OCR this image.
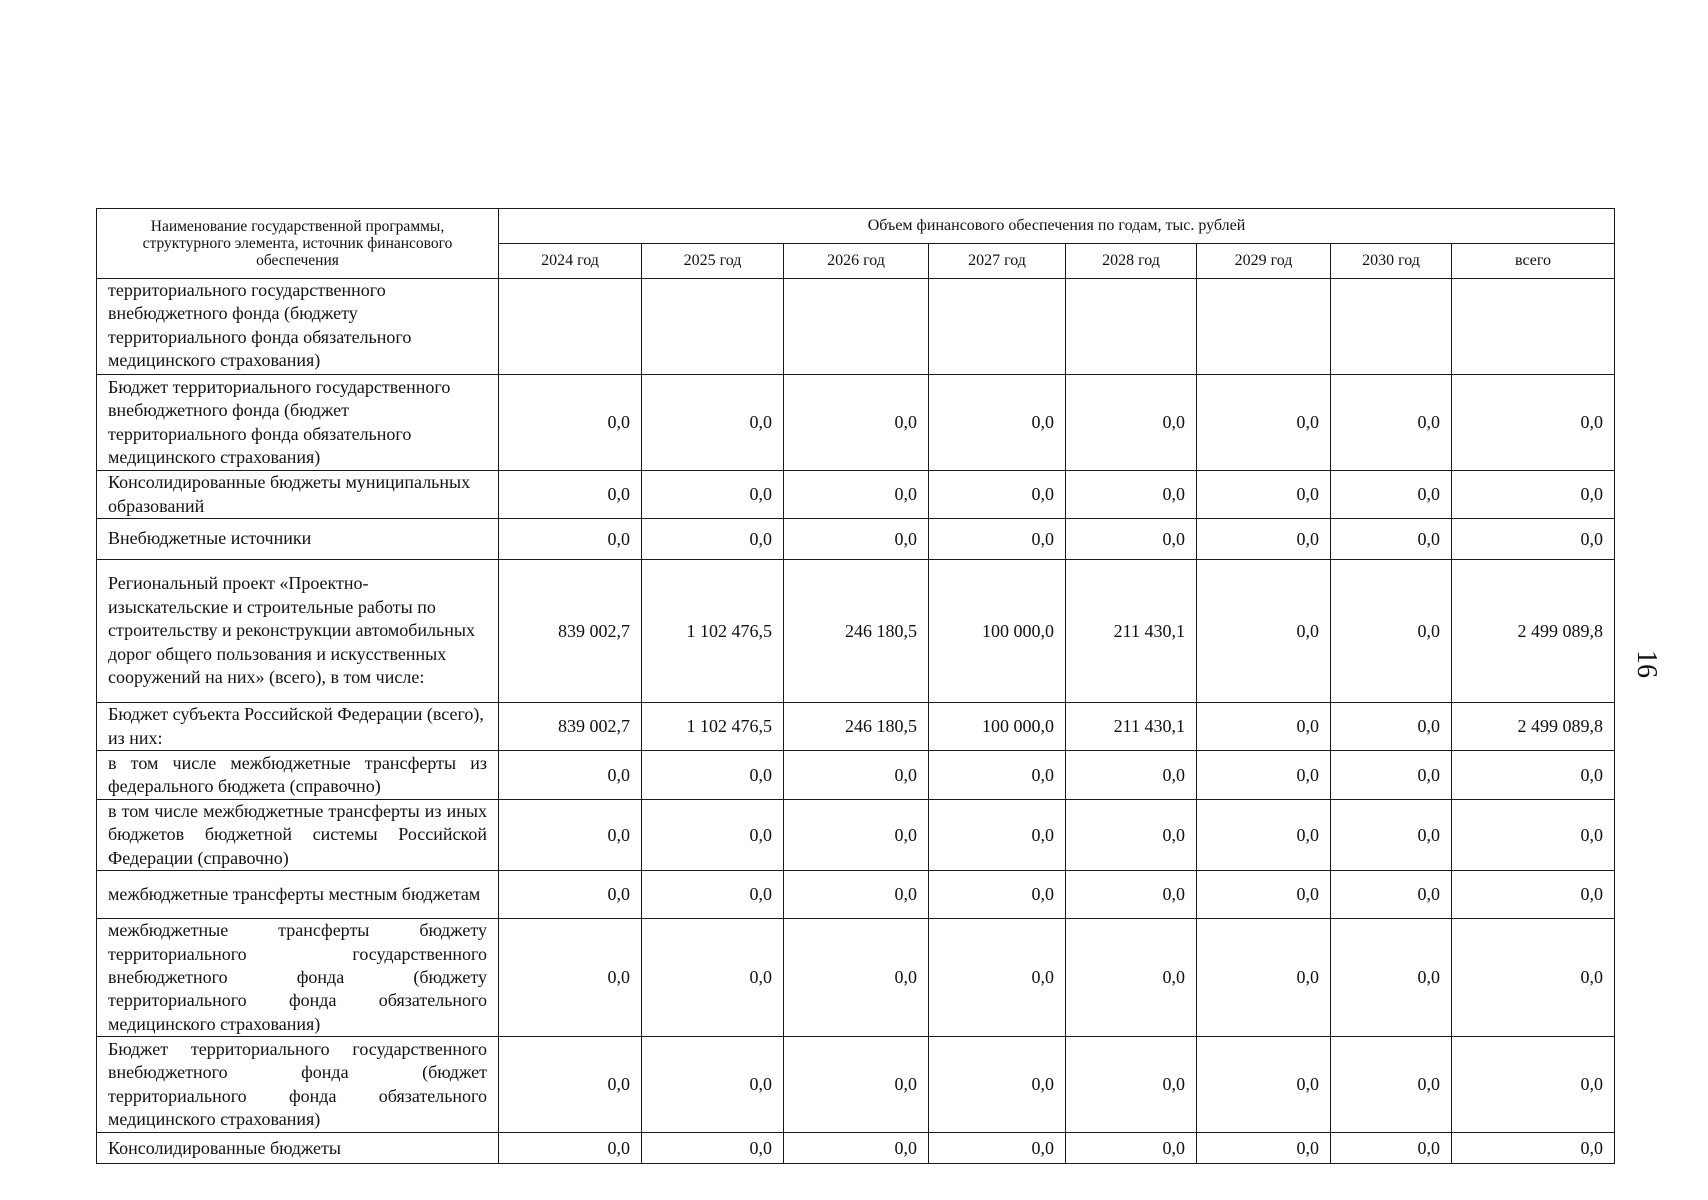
Наименование государственной программы, структурного элемента, источник финансового обеспечения	Объем финансового обеспечения по годам, тыс. рублей							
	2024 год	2025 год	2026 год	2027 год	2028 год	2029 год	2030 год	всего
территориального государственного внебюджетного фонда (бюджету территориального фонда обязательного медицинского страхования)								
Бюджет территориального государственного внебюджетного фонда (бюджет территориального фонда обязательного медицинского страхования)	0,0	0,0	0,0	0,0	0,0	0,0	0,0	0,0
Консолидированные бюджеты муниципальных образований	0,0	0,0	0,0	0,0	0,0	0,0	0,0	0,0
Внебюджетные источники	0,0	0,0	0,0	0,0	0,0	0,0	0,0	0,0
Региональный проект «Проектно-изыскательские и строительные работы по строительству и реконструкции автомобильных дорог общего пользования и искусственных сооружений на них» (всего), в том числе:	839 002,7	1 102 476,5	246 180,5	100 000,0	211 430,1	0,0	0,0	2 499 089,8
Бюджет субъекта Российской Федерации (всего), из них:	839 002,7	1 102 476,5	246 180,5	100 000,0	211 430,1	0,0	0,0	2 499 089,8
в том числе межбюджетные трансферты из федерального бюджета (справочно)	0,0	0,0	0,0	0,0	0,0	0,0	0,0	0,0
в том числе межбюджетные трансферты из иных бюджетов бюджетной системы Российской Федерации (справочно)	0,0	0,0	0,0	0,0	0,0	0,0	0,0	0,0
межбюджетные трансферты местным бюджетам	0,0	0,0	0,0	0,0	0,0	0,0	0,0	0,0
межбюджетные трансферты бюджету территориального государственного внебюджетного фонда (бюджету территориального фонда обязательного медицинского страхования)	0,0	0,0	0,0	0,0	0,0	0,0	0,0	0,0
Бюджет территориального государственного внебюджетного фонда (бюджет территориального фонда обязательного медицинского страхования)	0,0	0,0	0,0	0,0	0,0	0,0	0,0	0,0
Консолидированные бюджеты	0,0	0,0	0,0	0,0	0,0	0,0	0,0	0,0
16
